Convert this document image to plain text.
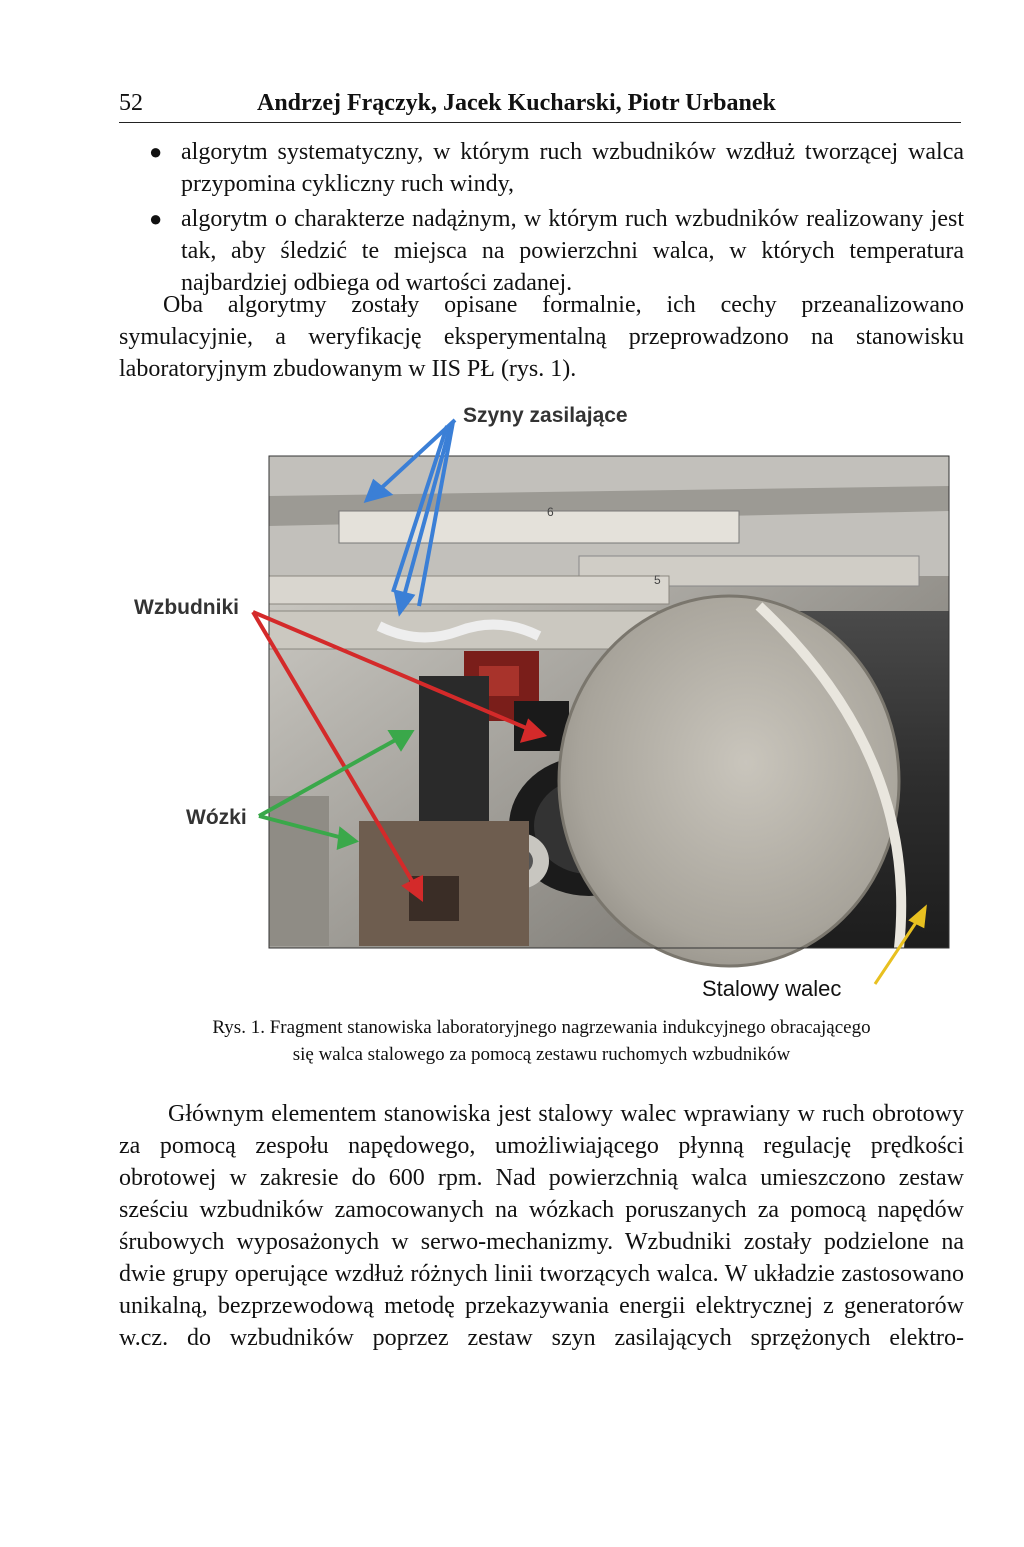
52	Andrzej Frączyk, Jacek Kucharski, Piotr Urbanek
● algorytm systematyczny, w którym ruch wzbudników wzdłuż tworzącej walca przypomina cykliczny ruch windy,
● algorytm o charakterze nadążnym, w którym ruch wzbudników realizowany jest tak, aby śledzić te miejsca na powierzchni walca, w których temperatura najbardziej odbiega od wartości zadanej.

Oba algorytmy zostały opisane formalnie, ich cechy przeanalizowano symulacyjnie, a weryfikację eksperymentalną przeprowadzono na stanowisku laboratoryjnym zbudowanym w IIS PŁ (rys. 1).

6
5
Szyny zasilające
Wzbudniki
Wózki
Stalowy walec

Rys. 1. Fragment stanowiska laboratoryjnego nagrzewania indukcyjnego obracającego
się walca stalowego za pomocą zestawu ruchomych wzbudników

Głównym elementem stanowiska jest stalowy walec wprawiany w ruch obrotowy za pomocą zespołu napędowego, umożliwiającego płynną regulację prędkości obrotowej w zakresie do 600 rpm. Nad powierzchnią walca umieszczono zestaw sześciu wzbudników zamocowanych na wózkach poruszanych za pomocą napędów śrubowych wyposażonych w serwo-mechanizmy. Wzbudniki zostały podzielone na dwie grupy operujące wzdłuż różnych linii tworzących walca. W układzie zastosowano unikalną, bezprzewodową metodę przekazywania energii elektrycznej z generatorów w.cz. do wzbudników poprzez zestaw szyn zasilających sprzężonych elektro-
